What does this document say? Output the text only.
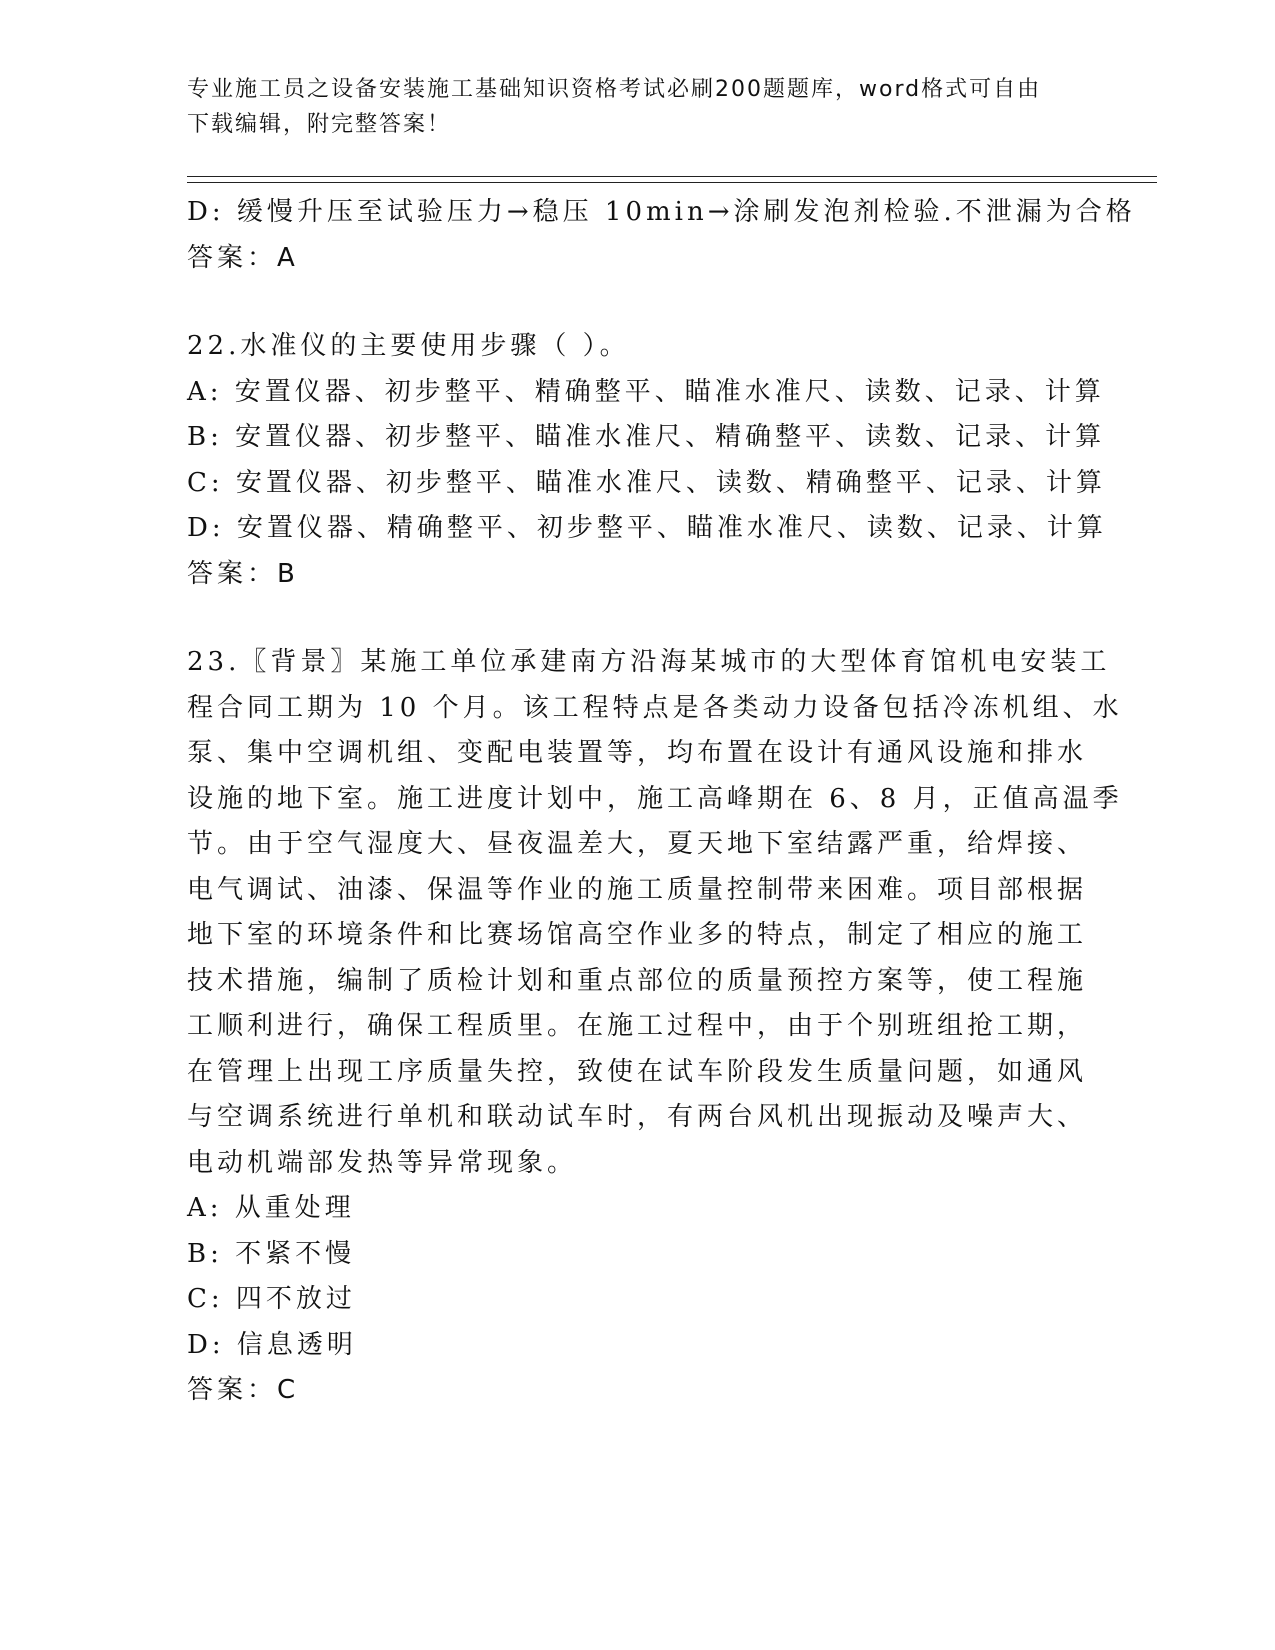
专业施工员之设备安装施工基础知识资格考试必刷200题题库，word格式可自由
下载编辑，附完整答案！
D: 缓慢升压至试验压力→稳压 10min→涂刷发泡剂检验.不泄漏为合格
答案：A
22.水准仪的主要使用步骤（ ）。
A: 安置仪器、初步整平、精确整平、瞄准水准尺、读数、记录、计算
B: 安置仪器、初步整平、瞄准水准尺、精确整平、读数、记录、计算
C: 安置仪器、初步整平、瞄准水准尺、读数、精确整平、记录、计算
D: 安置仪器、精确整平、初步整平、瞄准水准尺、读数、记录、计算
答案：B
23.〖背景〗某施工单位承建南方沿海某城市的大型体育馆机电安装工
程合同工期为 10 个月。该工程特点是各类动力设备包括冷冻机组、水
泵、集中空调机组、变配电装置等，均布置在设计有通风设施和排水
设施的地下室。施工进度计划中，施工高峰期在 6、8 月，正值高温季
节。由于空气湿度大、昼夜温差大，夏天地下室结露严重，给焊接、
电气调试、油漆、保温等作业的施工质量控制带来困难。项目部根据
地下室的环境条件和比赛场馆高空作业多的特点，制定了相应的施工
技术措施，编制了质检计划和重点部位的质量预控方案等，使工程施
工顺利进行，确保工程质里。在施工过程中，由于个别班组抢工期，
在管理上出现工序质量失控，致使在试车阶段发生质量问题，如通风
与空调系统进行单机和联动试车时，有两台风机出现振动及噪声大、
电动机端部发热等异常现象。
A: 从重处理
B: 不紧不慢
C: 四不放过
D: 信息透明
答案：C
